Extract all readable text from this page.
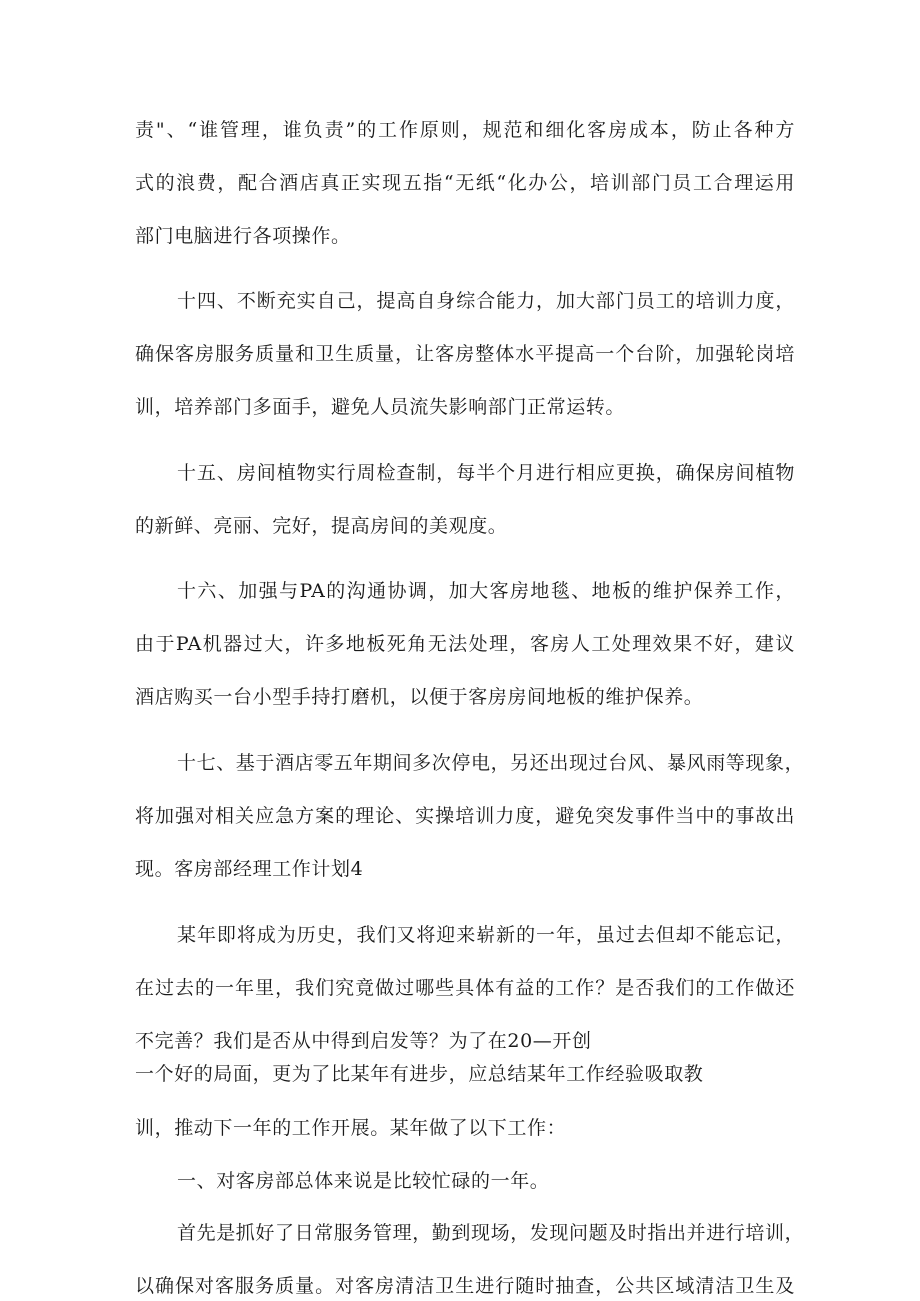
责"、“谁管理，谁负责”的工作原则，规范和细化客房成本，防止各种方

式的浪费，配合酒店真正实现五指“无纸“化办公，培训部门员工合理运用

部门电脑进行各项操作。

十四、不断充实自己，提高自身综合能力，加大部门员工的培训力度，

确保客房服务质量和卫生质量，让客房整体水平提高一个台阶，加强轮岗培

训，培养部门多面手，避免人员流失影响部门正常运转。

十五、房间植物实行周检查制，每半个月进行相应更换，确保房间植物

的新鲜、亮丽、完好，提高房间的美观度。

十六、加强与PA的沟通协调，加大客房地毯、地板的维护保养工作，

由于PA机器过大，许多地板死角无法处理，客房人工处理效果不好，建议

酒店购买一台小型手持打磨机，以便于客房房间地板的维护保养。

十七、基于酒店零五年期间多次停电，另还出现过台风、暴风雨等现象，

将加强对相关应急方案的理论、实操培训力度，避免突发事件当中的事故出

现。客房部经理工作计划4

某年即将成为历史，我们又将迎来崭新的一年，虽过去但却不能忘记，

在过去的一年里，我们究竟做过哪些具体有益的工作？是否我们的工作做还

不完善？我们是否从中得到启发等？为了在20—开创

一个好的局面，更为了比某年有进步，应总结某年工作经验吸取教

训，推动下一年的工作开展。某年做了以下工作：

一、对客房部总体来说是比较忙碌的一年。

首先是抓好了日常服务管理，勤到现场，发现问题及时指出并进行培训，

以确保对客服务质量。对客房清洁卫生进行随时抽查，公共区域清洁卫生及
